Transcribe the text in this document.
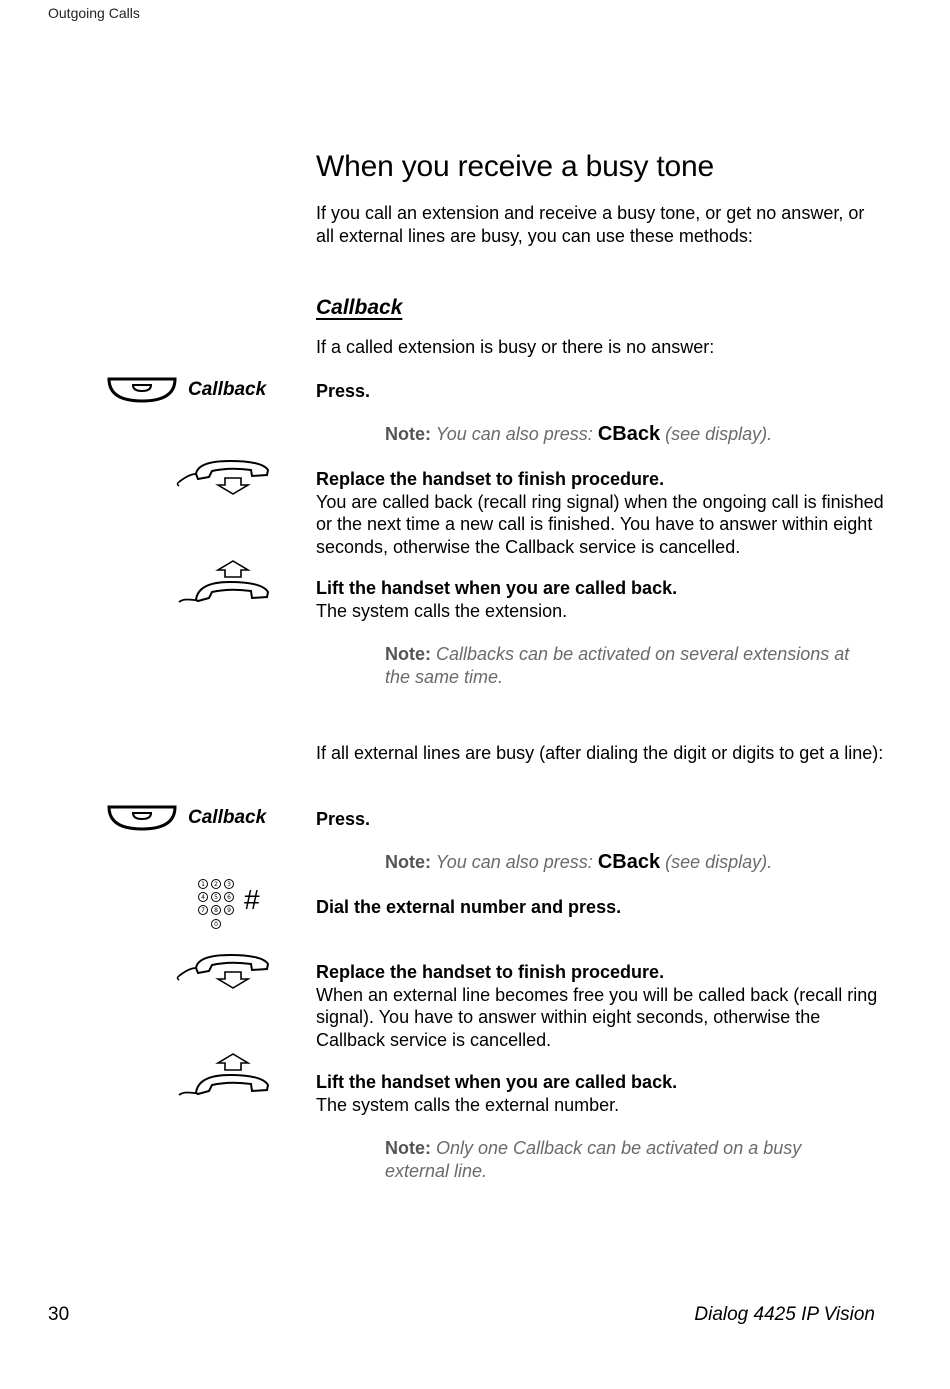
Outgoing Calls
When you receive a busy tone

If you call an extension and receive a busy tone, or get no answer, or all external lines are busy, you can use these methods:

Callback

If a called extension is busy or there is no answer:

Callback	Press.

Note: You can also press: CBack (see display).

Replace the handset to finish procedure.
You are called back (recall ring signal) when the ongoing call is finished or the next time a new call is finished. You have to answer within eight seconds, otherwise the Callback service is cancelled.

Lift the handset when you are called back.
The system calls the extension.

Note: Callbacks can be activated on several extensions at the same time.

If all external lines are busy (after dialing the digit or digits to get a line):

Callback	Press.

Note: You can also press: CBack (see display).

1 2 3
4 5 6
7 8 9
0
#	Dial the external number and press.

Replace the handset to finish procedure.
When an external line becomes free you will be called back (recall ring signal). You have to answer within eight seconds, otherwise the Callback service is cancelled.

Lift the handset when you are called back.
The system calls the external number.

Note: Only one Callback can be activated on a busy external line.

30	Dialog 4425 IP Vision
